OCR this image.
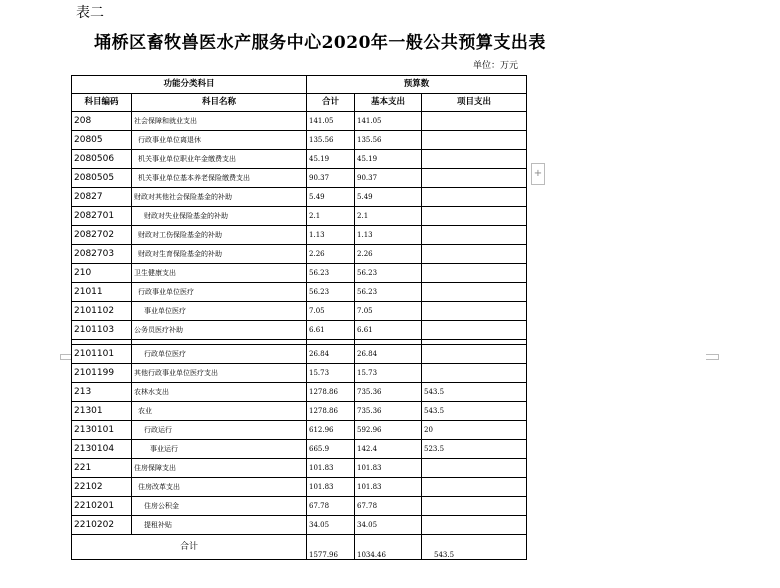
表二
埇桥区畜牧兽医水产服务中心2020年一般公共预算支出表
单位：万元
功能分类科目		预算数		
科目编码	科目名称	合计	基本支出	项目支出
208	社会保障和就业支出	141.05	141.05	
20805	行政事业单位离退休	135.56	135.56	
2080506	机关事业单位职业年金缴费支出	45.19	45.19	
2080505	机关事业单位基本养老保险缴费支出	90.37	90.37	
20827	财政对其他社会保险基金的补助	5.49	5.49	
2082701	财政对失业保险基金的补助	2.1	2.1	
2082702	财政对工伤保险基金的补助	1.13	1.13	
2082703	财政对生育保险基金的补助	2.26	2.26	
210	卫生健康支出	56.23	56.23	
21011	行政事业单位医疗	56.23	56.23	
2101102	事业单位医疗	7.05	7.05	
2101103	公务员医疗补助	6.61	6.61	

2101101	行政单位医疗	26.84	26.84	
2101199	其他行政事业单位医疗支出	15.73	15.73	
213	农林水支出	1278.86	735.36	543.5
21301	农业	1278.86	735.36	543.5
2130101	行政运行	612.96	592.96	20
2130104	事业运行	665.9	142.4	523.5
221	住房保障支出	101.83	101.83	
22102	住房改革支出	101.83	101.83	
2210201	住房公积金	67.78	67.78	
2210202	提租补贴	34.05	34.05	
合计		1577.96	1034.46	543.5
+
